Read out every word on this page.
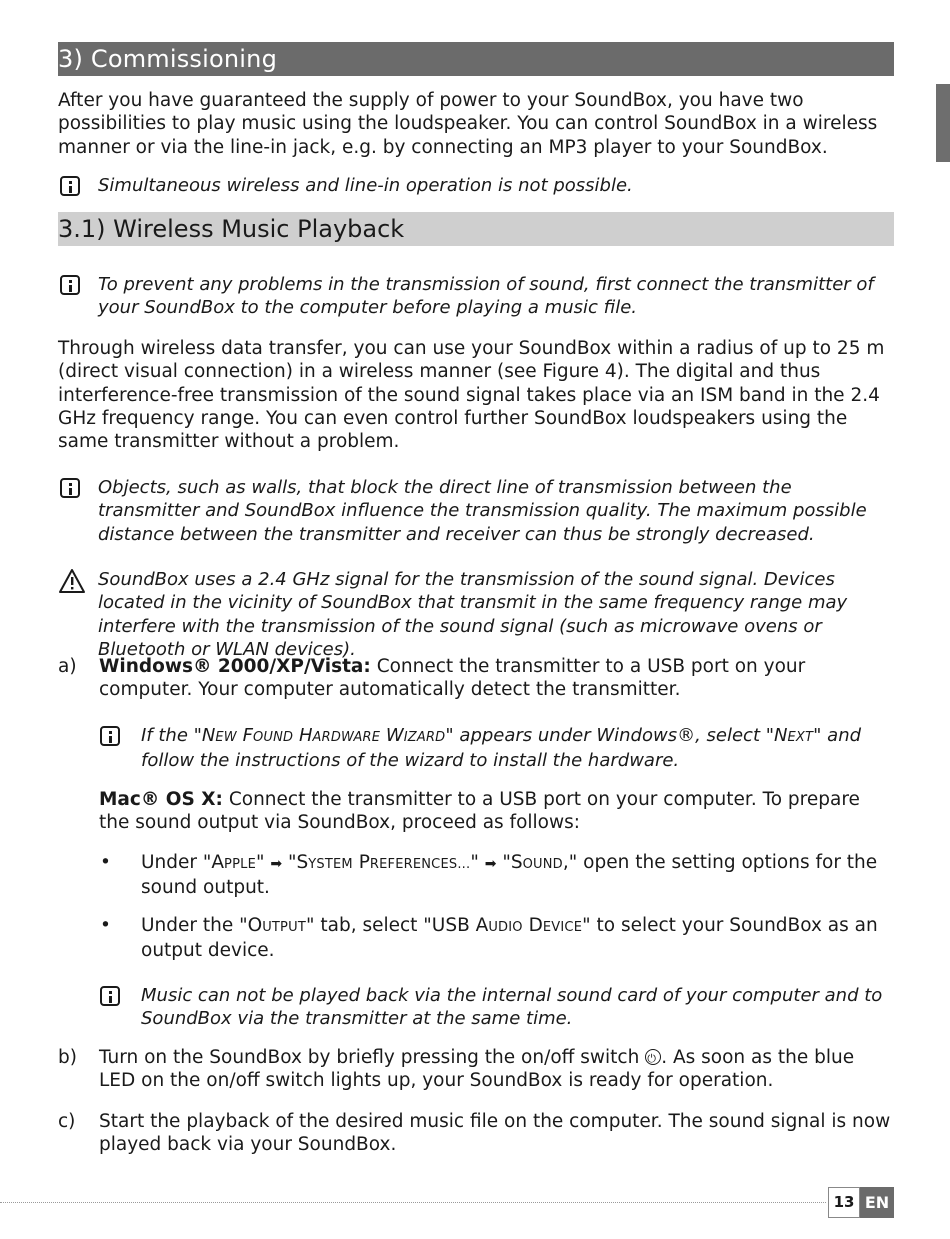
3) Commissioning
After you have guaranteed the supply of power to your SoundBox, you have two possibilities to play music using the loudspeaker. You can control SoundBox in a wireless manner or via the line-in jack, e.g. by connecting an MP3 player to your SoundBox.
Simultaneous wireless and line-in operation is not possible.
3.1) Wireless Music Playback
To prevent any problems in the transmission of sound, first connect the transmitter of your SoundBox to the computer before playing a music file.
Through wireless data transfer, you can use your SoundBox within a radius of up to 25 m (direct visual connection) in a wireless manner (see Figure 4). The digital and thus interference-free transmission of the sound signal takes place via an ISM band in the 2.4 GHz frequency range. You can even control further SoundBox loudspeakers using the same transmitter without a problem.
Objects, such as walls, that block the direct line of transmission between the transmitter and SoundBox influence the transmission quality. The maximum possible distance between the transmitter and receiver can thus be strongly decreased.
SoundBox uses a 2.4 GHz signal for the transmission of the sound signal. Devices located in the vicinity of SoundBox that transmit in the same frequency range may interfere with the transmission of the sound signal (such as microwave ovens or Bluetooth or WLAN devices).
a) Windows® 2000/XP/Vista: Connect the transmitter to a USB port on your computer. Your computer automatically detect the transmitter.
If the "NEW FOUND HARDWARE WIZARD" appears under Windows®, select "NEXT" and follow the instructions of the wizard to install the hardware.
Mac® OS X: Connect the transmitter to a USB port on your computer. To prepare the sound output via SoundBox, proceed as follows:
• Under "APPLE" ➡ "SYSTEM PREFERENCES..." ➡ "SOUND," open the setting options for the sound output.
• Under the "OUTPUT" tab, select "USB AUDIO DEVICE" to select your SoundBox as an output device.
Music can not be played back via the internal sound card of your computer and to SoundBox via the transmitter at the same time.
b) Turn on the SoundBox by briefly pressing the on/off switch ⏻. As soon as the blue LED on the on/off switch lights up, your SoundBox is ready for operation.
c) Start the playback of the desired music file on the computer. The sound signal is now played back via your SoundBox.
13 EN
